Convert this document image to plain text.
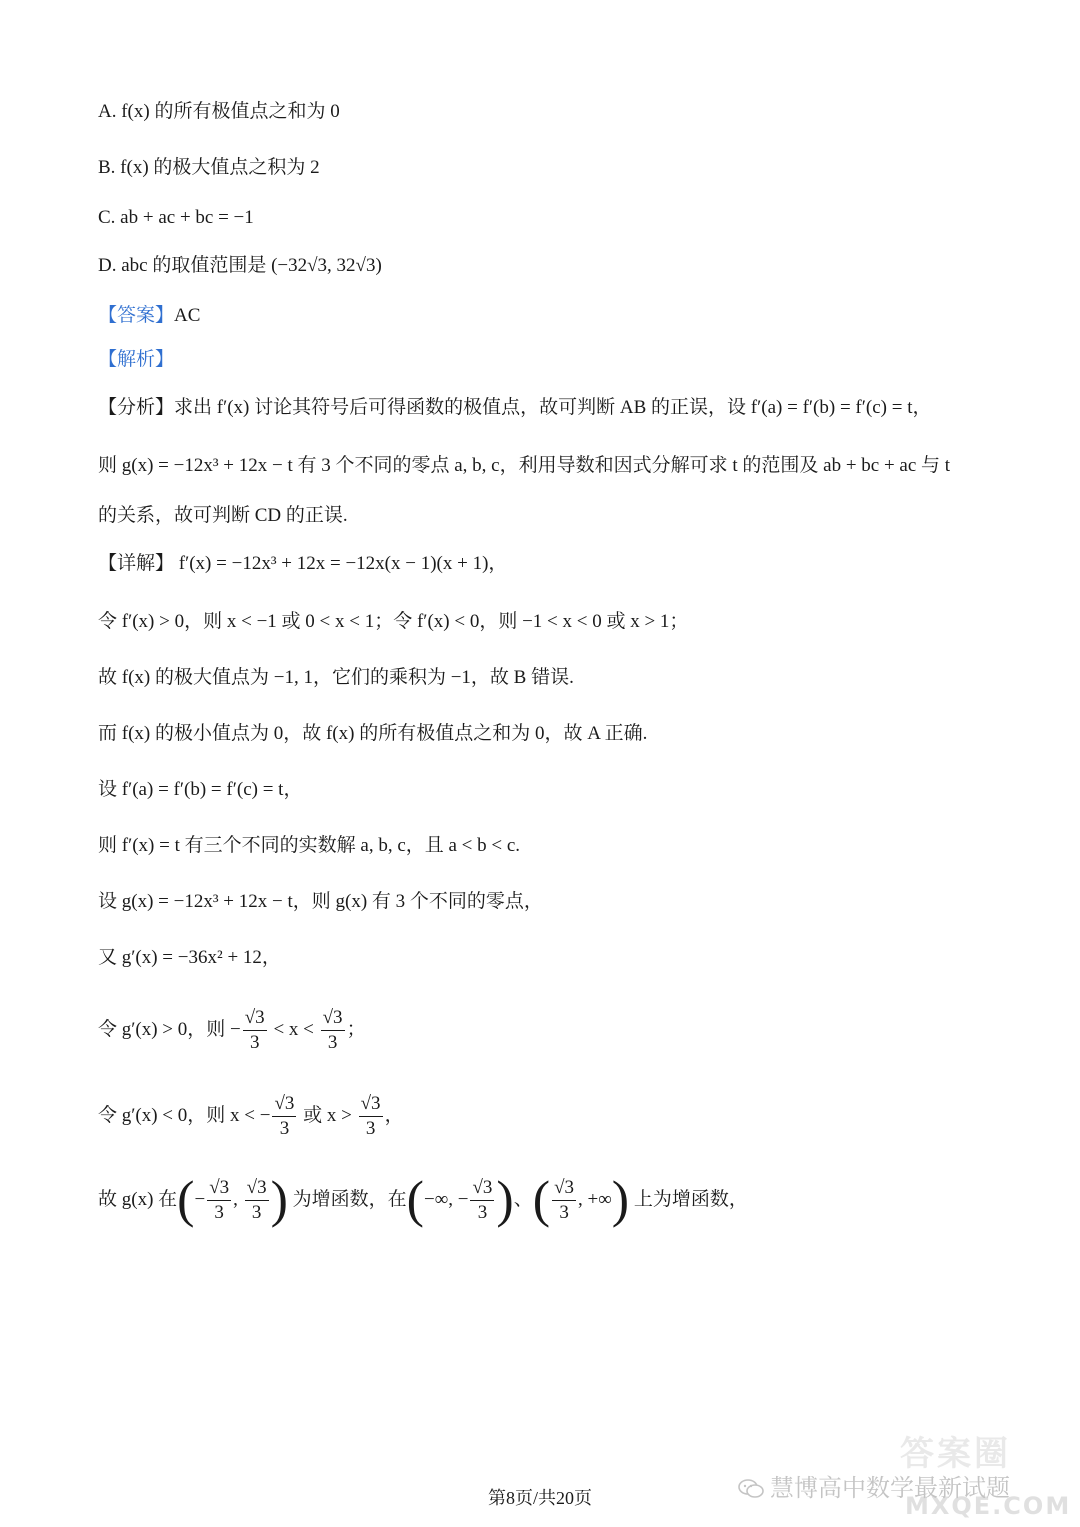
A. f(x) 的所有极值点之和为 0
B. f(x) 的极大值点之积为 2
C. ab + ac + bc = −1
D. abc 的取值范围是 (−32√3, 32√3)
【答案】AC
【解析】
【分析】求出 f′(x) 讨论其符号后可得函数的极值点，故可判断 AB 的正误，设 f′(a) = f′(b) = f′(c) = t，
则 g(x) = −12x³ + 12x − t 有 3 个不同的零点 a, b, c，利用导数和因式分解可求 t 的范围及 ab + bc + ac 与 t
的关系，故可判断 CD 的正误.
【详解】 f′(x) = −12x³ + 12x = −12x(x − 1)(x + 1)，
令 f′(x) > 0，则 x < −1 或 0 < x < 1；令 f′(x) < 0，则 −1 < x < 0 或 x > 1；
故 f(x) 的极大值点为 −1, 1，它们的乘积为 −1，故 B 错误.
而 f(x) 的极小值点为 0，故 f(x) 的所有极值点之和为 0，故 A 正确.
设 f′(a) = f′(b) = f′(c) = t，
则 f′(x) = t 有三个不同的实数解 a, b, c，且 a < b < c.
设 g(x) = −12x³ + 12x − t，则 g(x) 有 3 个不同的零点，
又 g′(x) = −36x² + 12，
令 g′(x) > 0，则 − $\frac{√3}{3} < x < \frac{√3}{3}$ ；
令 g′(x) < 0，则 x < − $\frac{√3}{3}$ 或 $x > \frac{√3}{3}$ ，
故 g(x) 在(− $\frac{√3}{3}$ , $\frac{√3}{3}$ ) 为增函数，在(−∞, − $\frac{√3}{3}$ )、( $\frac{√3}{3}$ , +∞) 上为增函数，
答案圈
MXQE.COM
慧博高中数学最新试题
第8页/共20页
